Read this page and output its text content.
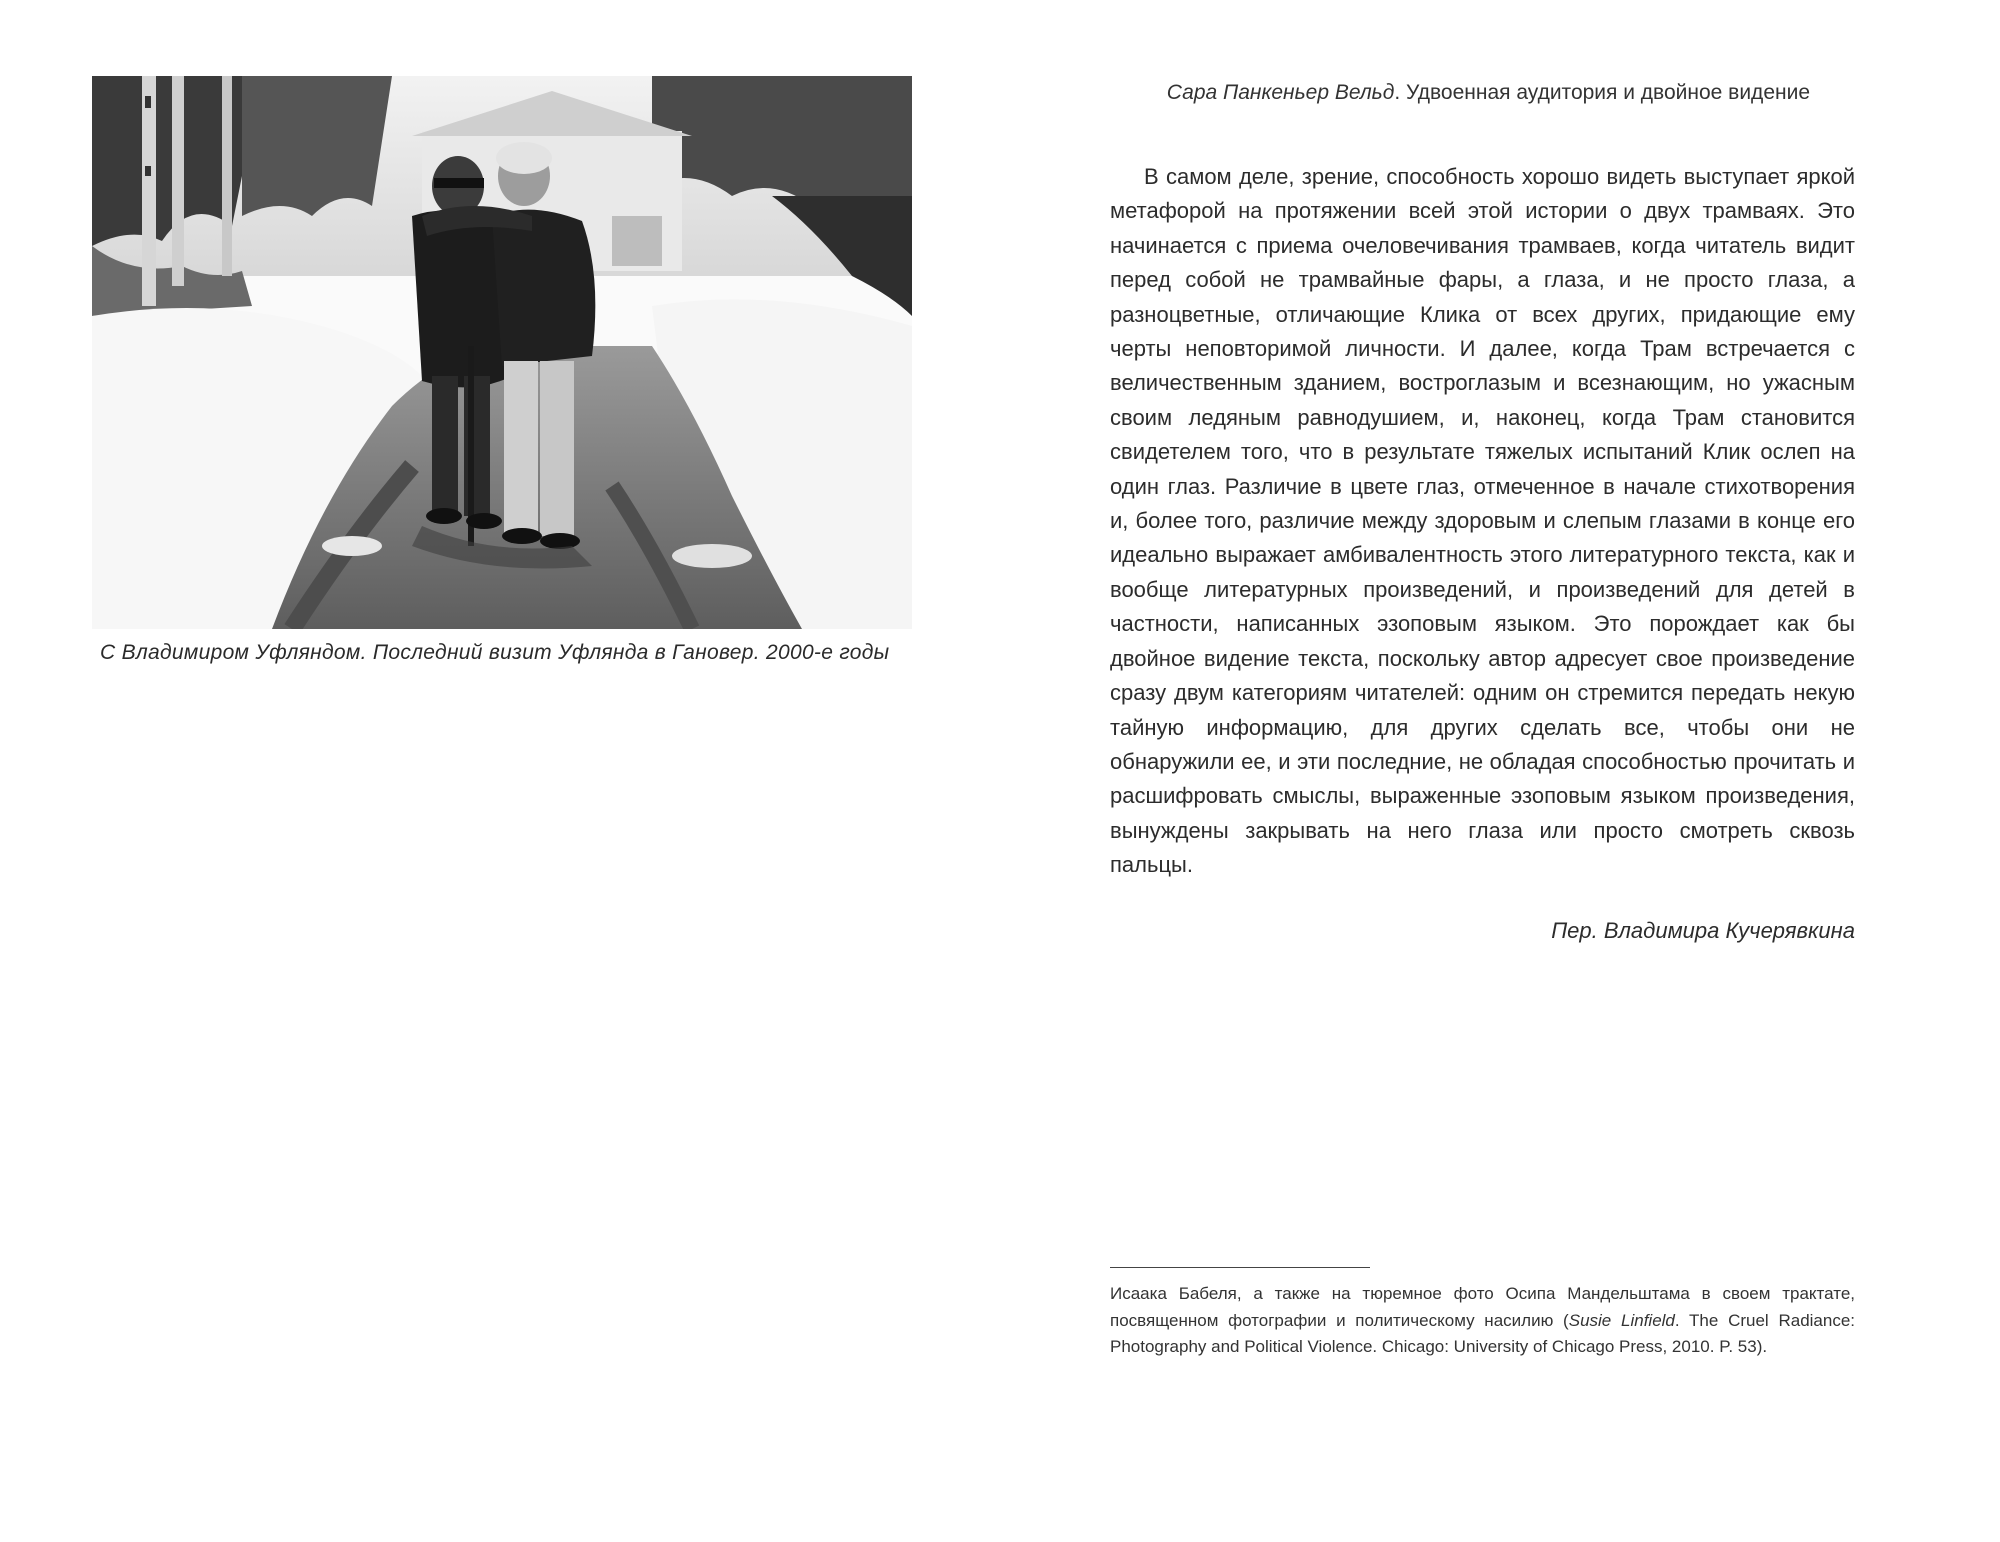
С Владимиром Уфляндом. Последний визит Уфлянда в Гановер. 2000-е годы

Сара Панкеньер Вельд. Удвоенная аудитория и двойное видение

В самом деле, зрение, способность хорошо видеть выступает яркой метафорой на протяжении всей этой истории о двух трамваях. Это начинается с приема очеловечивания трамваев, когда читатель видит перед собой не трамвайные фары, а глаза, и не просто глаза, а разноцветные, отличающие Клика от всех других, придающие ему черты неповторимой личности. И далее, когда Трам встречается с величественным зданием, востроглазым и всезнающим, но ужасным своим ледяным равнодушием, и, наконец, когда Трам становится свидетелем того, что в результате тяжелых испытаний Клик ослеп на один глаз. Различие в цвете глаз, отмеченное в начале стихотворения и, более того, различие между здоровым и слепым глазами в конце его идеально выражает амбивалентность этого литературного текста, как и вообще литературных произведений, и произведений для детей в частности, написанных эзоповым языком. Это порождает как бы двойное видение текста, поскольку автор адресует свое произведение сразу двум категориям читателей: одним он стремится передать некую тайную информацию, для других сделать все, чтобы они не обнаружили ее, и эти последние, не обладая способностью прочитать и расшифровать смыслы, выраженные эзоповым языком произведения, вынуждены закрывать на него глаза или просто смотреть сквозь пальцы.

Пер. Владимира Кучерявкина

Исаака Бабеля, а также на тюремное фото Осипа Мандельштама в своем трактате, посвященном фотографии и политическому насилию (Susie Linfield. The Cruel Radiance: Photography and Political Violence. Chicago: University of Chicago Press, 2010. P. 53).
